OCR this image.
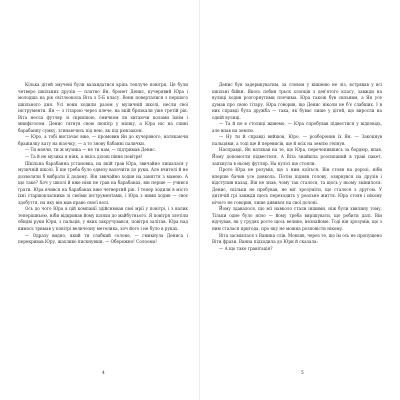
Кілька дітей змучені були валандатися кріпь теплуче повітря. Це були четверо шкільних друзів — платно Ян, бронет Денис, кучерявий Юра і молодша на рік світлоокола Віта з 5-Б класу. Вони поверталися з першого шкільного дня. Усі вони ходили разом у музичній школі, несли свої інструменти. Ян — з гітарою через плече, на якій брязкали уже третій рік. Віта несла футляр зі скрипкою, смичком ли хитаючи колами їхнім і мнифіголом. Денис тягнув свою пюпітр у мішку, а Юра ніс на спині барабанну сумку, згинаючись під нею, як під рюкзаком.

— Юро, а тобі вистачає вже, — промовив Ян до кучерявого, натякаючи бражилку кату на візочку, — а то знову бабанні палички.

— Ти мовчи, ти ж музика — не ти нам, — підтримав Денис.

— Та й не музика я ніяк, а якісь ділові півня повітря!

Шкільна барабанна установка, на якій грав Юра, звичайно лишалася у музичній школі. Її ше треба було одвезу валочити до руки. Але вчителі й не дозволяли б вибрати її додому. Він звичайно ходив на заняття з мамою. А що таке? Хоч у школі й вже ніяк не грав на барабанах, він перше — учився грати. Юра вчився на барабанах вже четвертий рік. І тепер ходили в місто їхні старшокласники зі своїми інструментами, і Юра з ними ходив — своє здобуття, на яку він мав право своєї волі.

Ось до чого Юра в цій компанії здійснював свої мрії у повітрі, і з валик теперішньою, ніби відкривав йому шляхи до майбутнього. Я повітря злетіли обидві руки Юри, з пальців, у яких закручувався, повітря залітав. Юра над кимось тримав у повітрі величезну метелика, хоч його і не було в руках.

— Одразу видно, який ти слабкий солоне, — гмикнула Дениса і перекривав Юру, жахливо пискнувши. — Обережно! Солоома!

4

Денис був задерикуватим, за словом у кишеню не ліз, встрявав у всі шкільні бійки. Якось побив трьох хлопців з дев'ятого класу, завжди на вулиці ходив розгорнутими плечима. Юра також був сильним, а Ян усе думав про свою гітару. Юра говорив, що Денис ніколи не б'є слабших. І в них справді була дружба — така, як буває лише у дітей, що виросли на одній вулиці.

— Та й не в столиці живемо, — Юра спробував підвестися у відповідь, але впав на землю.

— Ну ти й справді вийшов, Юро, — розборонив їх Ян. — Закоцнув пальцями, а тоді ще й перевисів, ще й всіх на землю гепнув.

Насправді, Ян натякав на те, що Юра, перечепившись за бордюр, впав. Йому допомогли підвестися. А Віта знайшла розсипаний в траві пакет, запхнула в ньому футляр. На кулісі ще стояли.

Проте Юра не розумів, що з ним коїться. Він стояв на дорозі, ніби вперше бачив усе довкола. Потім підняв голову, озирнувся на друзів і відступив назад. Він не знав, чому так сталося, та щось у ньому змінилося. Денис, скільки не пробував, не міг зрозуміти, що сталося з другом. У дитячій грі завжди щось переходить у реальне життя. Юра стояв і нікому нічого не говорив, лише дивився на свої долоні.

Йому здавалося, що всі навколо стали іншими, ніж були хвилину тому. Тільки одне було ясно — йому треба вирішувати, що робити далі. Він відчував, як у грудях росте щось велике, незнайоме. Тоді він зрозумів, що з ним сталася пригода, про яку не можна розповісти нікому.

Віта засміялася з Ванина слів. Мовляв, через те, що їм ось не пропущено Віти фрази. Ванна підходила до Юри й сказала:

— А що таке гравітація?

5
